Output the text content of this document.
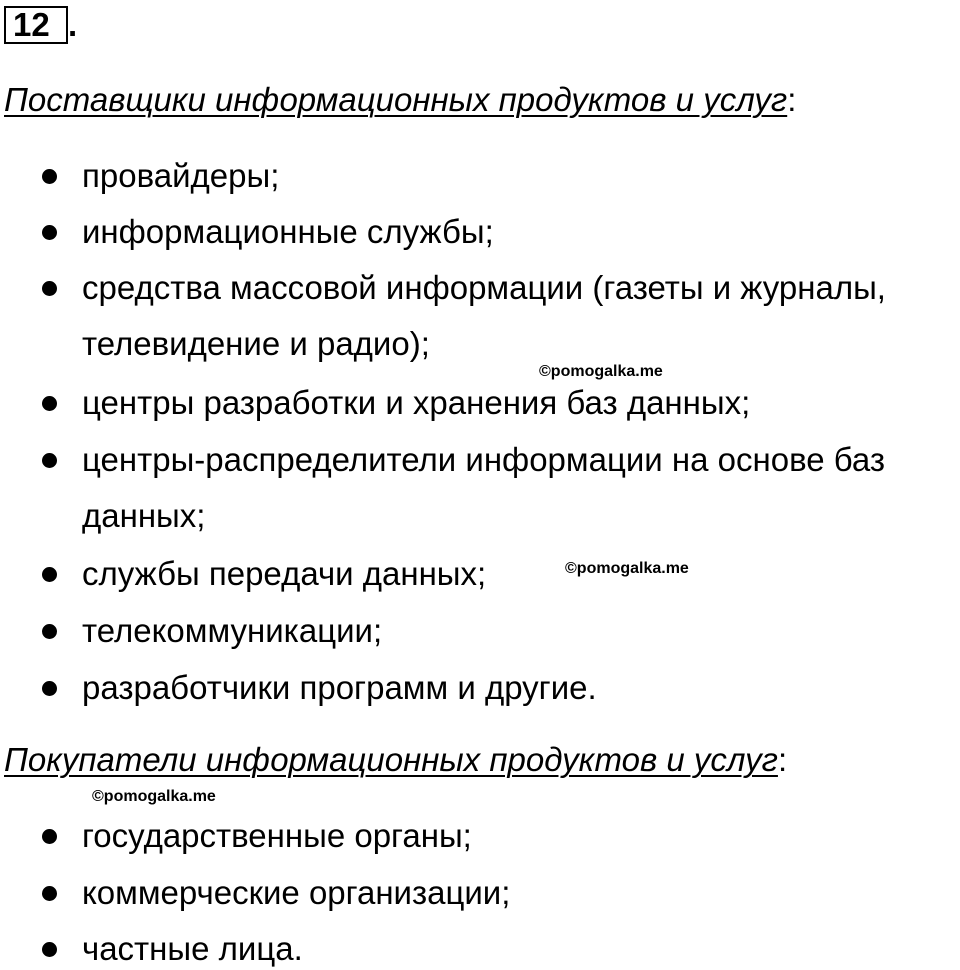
12 .
Поставщики информационных продуктов и услуг:
провайдеры;
информационные службы;
средства массовой информации (газеты и журналы,
телевидение и радио);
©pomogalka.me
центры разработки и хранения баз данных;
центры-распределители информации на основе баз
данных;
службы передачи данных;	©pomogalka.me
телекоммуникации;
разработчики программ и другие.
Покупатели информационных продуктов и услуг:
©pomogalka.me
государственные органы;
коммерческие организации;
частные лица.
